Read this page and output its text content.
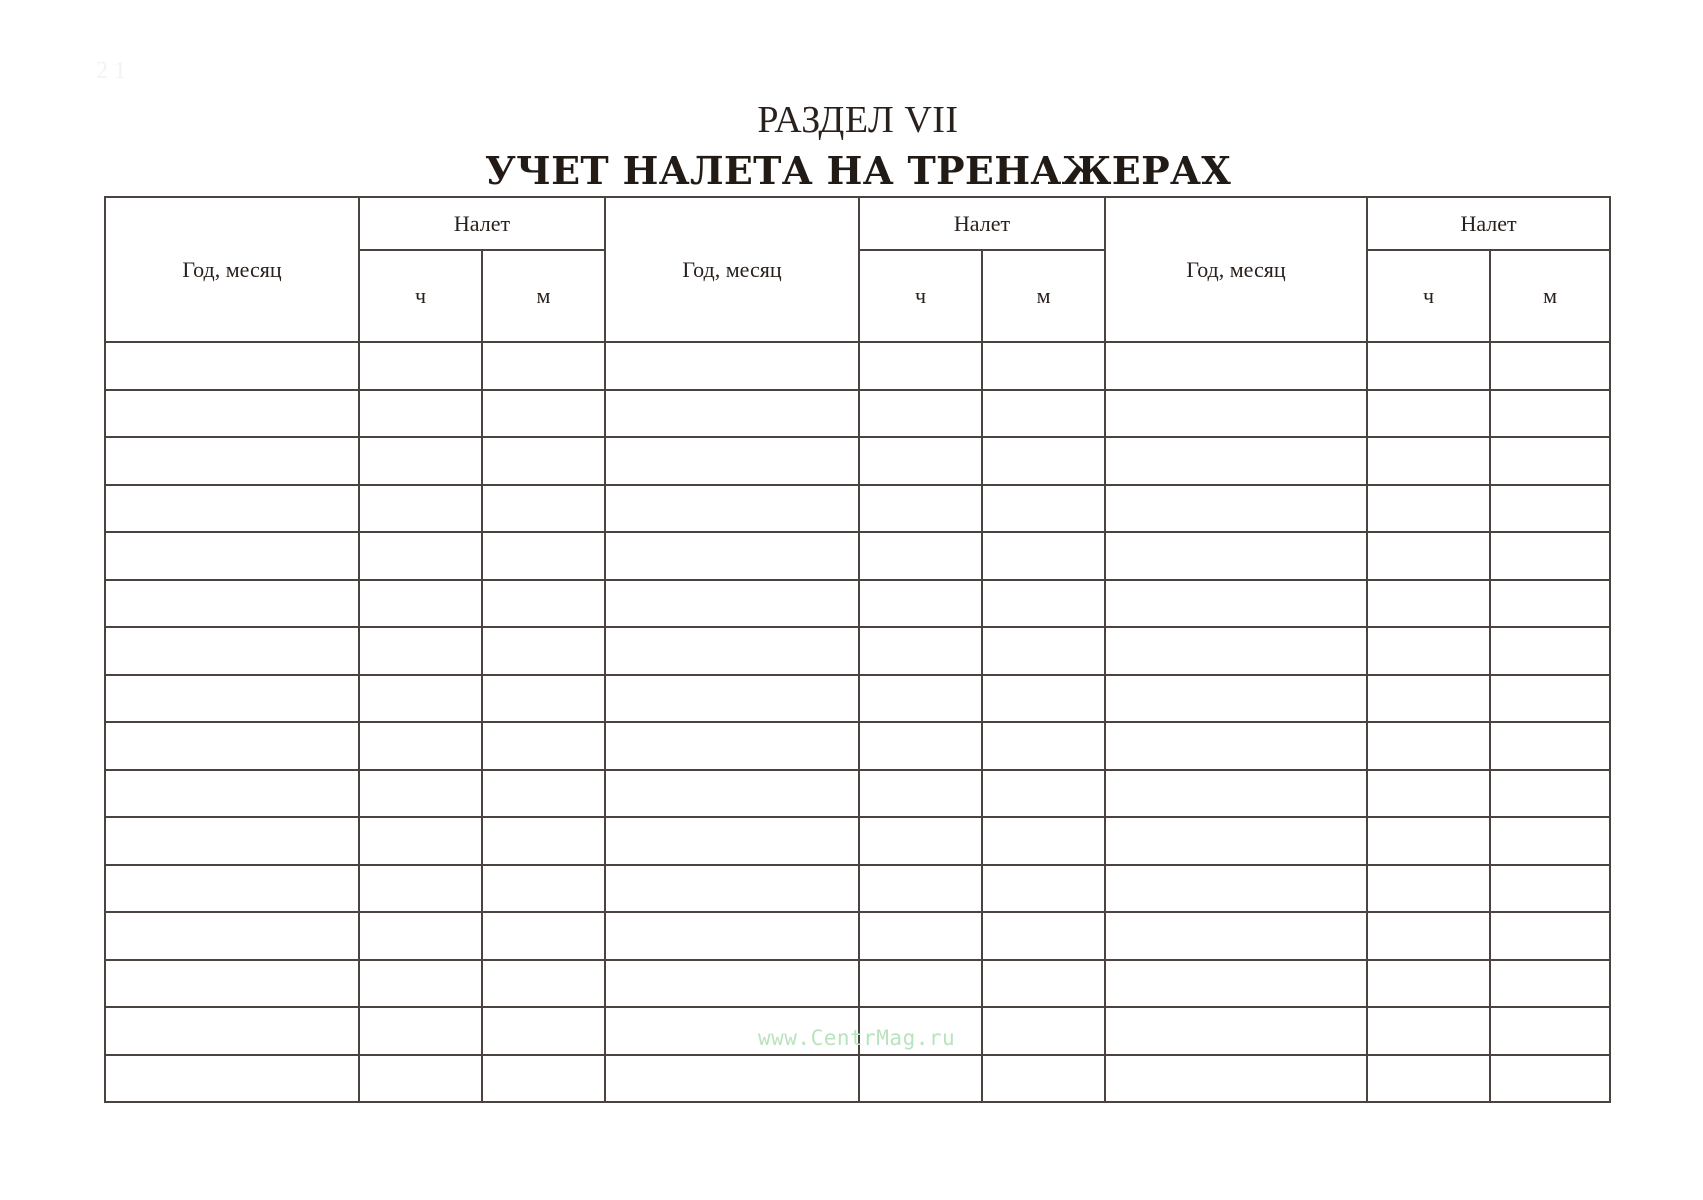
2 1
РАЗДЕЛ VII
УЧЕТ НАЛЕТА НА ТРЕНАЖЕРАХ
Год, месяц	Налет		Год, месяц	Налет		Год, месяц	Налет	
	ч	м		ч	м		ч	м

www.CentrMag.ru
